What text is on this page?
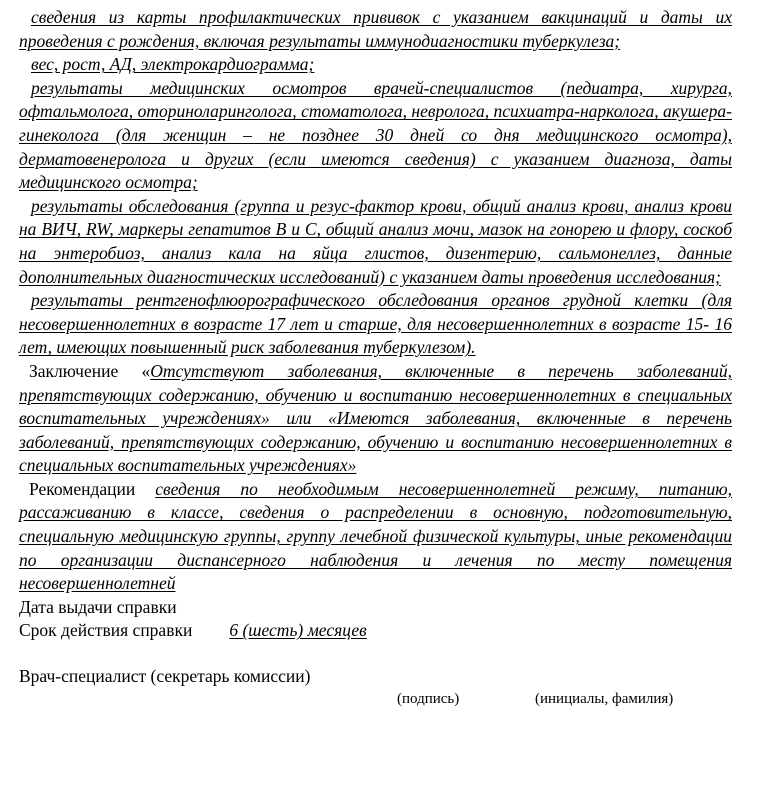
сведения из карты профилактических прививок с указанием вакцинаций и даты их проведения с рождения, включая результаты иммунодиагностики туберкулеза;

вес, рост, АД, электрокардиограмма;

результаты медицинских осмотров врачей-специалистов (педиатра, хирурга, офтальмолога, оториноларинголога, стоматолога, невролога, психиатра-нарколога, акушера-гинеколога (для женщин – не позднее 30 дней со дня медицинского осмотра), дерматовенеролога и других (если имеются сведения) с указанием диагноза, даты медицинского осмотра;

результаты обследования (группа и резус-фактор крови, общий анализ крови, анализ крови на ВИЧ, RW, маркеры гепатитов В и С, общий анализ мочи, мазок на гонорею и флору, соскоб на энтеробиоз, анализ кала на яйца глистов, дизентерию, сальмонеллез, данные дополнительных диагностических исследований) с указанием даты проведения исследования;

результаты рентгенофлюорографического обследования органов грудной клетки (для несовершеннолетних в возрасте 17 лет и старше, для несовершеннолетних в возрасте 15- 16 лет, имеющих повышенный риск заболевания туберкулезом).

Заключение «Отсутствуют заболевания, включенные в перечень заболеваний, препятствующих содержанию, обучению и воспитанию несовершеннолетних в специальных воспитательных учреждениях» или «Имеются заболевания, включенные в перечень заболеваний, препятствующих содержанию, обучению и воспитанию несовершеннолетних в специальных воспитательных учреждениях»

Рекомендации сведения по необходимым несовершеннолетней режиму, питанию, рассаживанию в классе, сведения о распределении в основную, подготовительную, специальную медицинскую группы, группу лечебной физической культуры, иные рекомендации по организации диспансерного наблюдения и лечения по месту помещения несовершеннолетней

Дата выдачи справки

Срок действия справки 6 (шесть) месяцев

Врач-специалист (секретарь комиссии)

(подпись)	(инициалы, фамилия)
